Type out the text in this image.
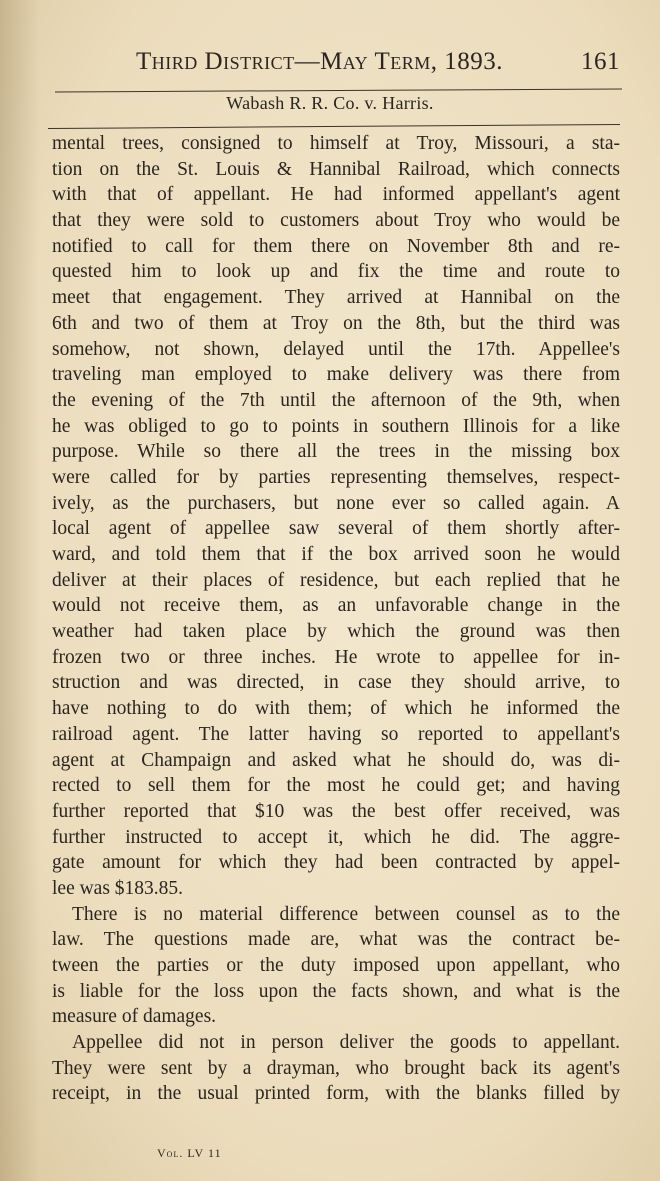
Third District—May Term, 1893.	161
Wabash R. R. Co. v. Harris.
mental trees, consigned to himself at Troy, Missouri, a sta-
tion on the St. Louis & Hannibal Railroad, which connects
with that of appellant. He had informed appellant's agent
that they were sold to customers about Troy who would be
notified to call for them there on November 8th and re-
quested him to look up and fix the time and route to
meet that engagement. They arrived at Hannibal on the
6th and two of them at Troy on the 8th, but the third was
somehow, not shown, delayed until the 17th. Appellee's
traveling man employed to make delivery was there from
the evening of the 7th until the afternoon of the 9th, when
he was obliged to go to points in southern Illinois for a like
purpose. While so there all the trees in the missing box
were called for by parties representing themselves, respect-
ively, as the purchasers, but none ever so called again. A
local agent of appellee saw several of them shortly after-
ward, and told them that if the box arrived soon he would
deliver at their places of residence, but each replied that he
would not receive them, as an unfavorable change in the
weather had taken place by which the ground was then
frozen two or three inches. He wrote to appellee for in-
struction and was directed, in case they should arrive, to
have nothing to do with them; of which he informed the
railroad agent. The latter having so reported to appellant's
agent at Champaign and asked what he should do, was di-
rected to sell them for the most he could get; and having
further reported that $10 was the best offer received, was
further instructed to accept it, which he did. The aggre-
gate amount for which they had been contracted by appel-
lee was $183.85.
There is no material difference between counsel as to the
law. The questions made are, what was the contract be-
tween the parties or the duty imposed upon appellant, who
is liable for the loss upon the facts shown, and what is the
measure of damages.
Appellee did not in person deliver the goods to appellant.
They were sent by a drayman, who brought back its agent's
receipt, in the usual printed form, with the blanks filled by
Vol. LV 11
